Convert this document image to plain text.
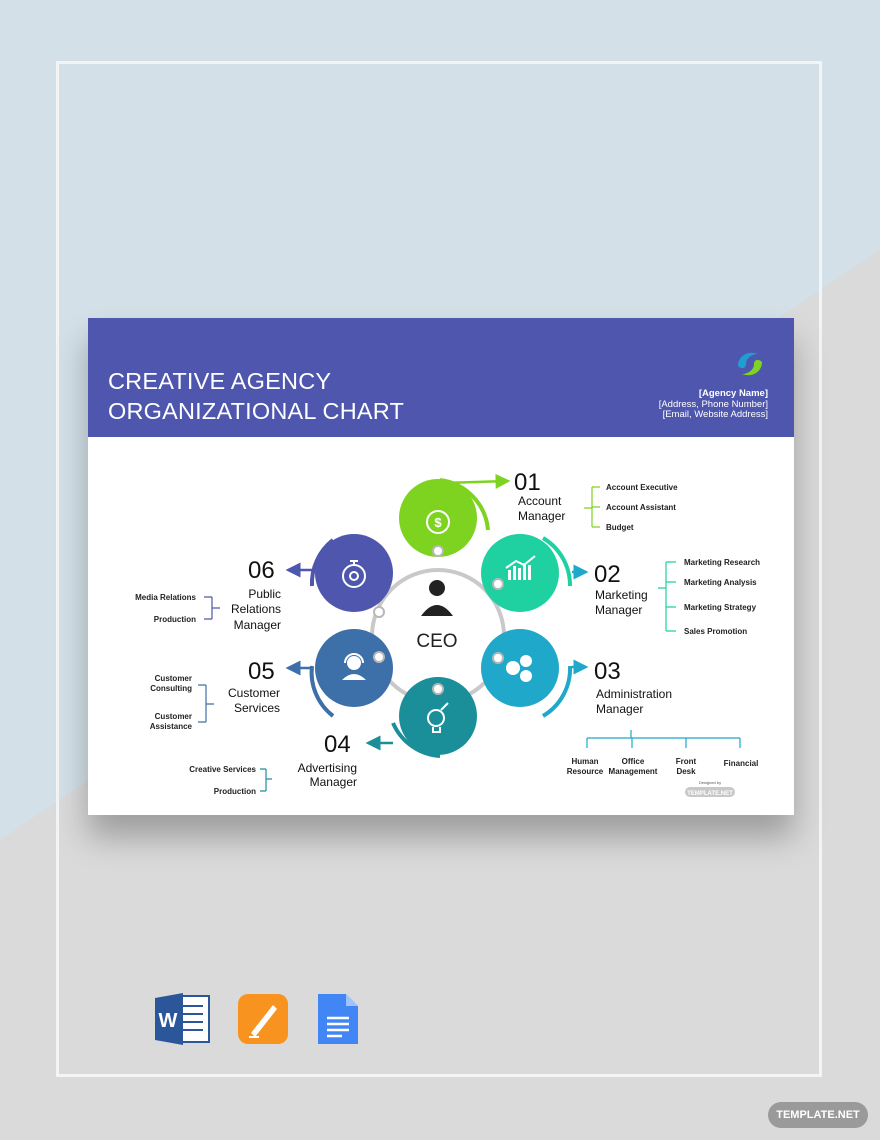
CREATIVE AGENCY
ORGANIZATIONAL CHART
[Agency Name]
[Address, Phone Number]
[Email, Website Address]
$
CEO
01
Account
Manager
Account Executive
Account Assistant
Budget
02
Marketing
Manager
Marketing Research
Marketing Analysis
Marketing Strategy
Sales Promotion
03
Administration
Manager
Human
Resource
Office
Management
Front
Desk
Financial
04
Advertising
Manager
Creative Services
Production
05
Customer
Services
Customer
Consulting
Customer
Assistance
06
Public
Relations
Manager
Media Relations
Production
Designed by
TEMPLATE.NET
W
TEMPLATE.NET
